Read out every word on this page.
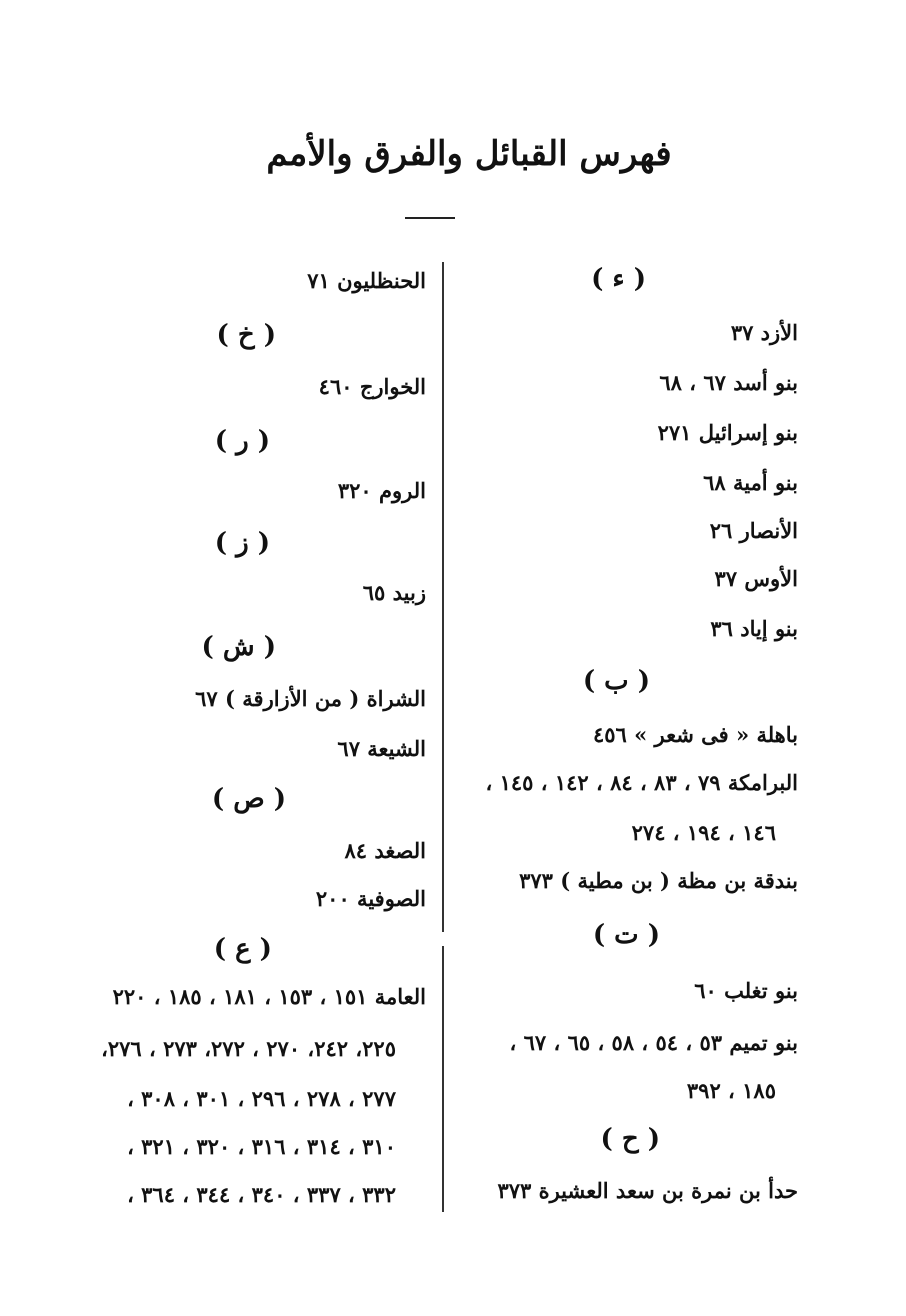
فهرس القبائل والفرق والأمم
( ء )
الأزد ٣٧
بنو أسد ٦٧ ، ٦٨
بنو إسرائيل ٢٧١
بنو أمية ٦٨
الأنصار ٢٦
الأوس ٣٧
بنو إياد ٣٦
( ب )
باهلة « فى شعر » ٤٥٦
البرامكة ٧٩ ، ٨٣ ، ٨٤ ، ١٤٢ ، ١٤٥ ،
١٤٦ ، ١٩٤ ، ٢٧٤
بندقة بن مظة ( بن مطية ) ٣٧٣
( ت )
بنو تغلب ٦٠
بنو تميم ٥٣ ، ٥٤ ، ٥٨ ، ٦٥ ، ٦٧ ،
١٨٥ ، ٣٩٢
( ح )
حدأ بن نمرة بن سعد العشيرة ٣٧٣
الحنظليون ٧١
( خ )
الخوارج ٤٦٠
( ر )
الروم ٣٢٠
( ز )
زبيد ٦٥
( ش )
الشراة ( من الأزارقة ) ٦٧
الشيعة ٦٧
( ص )
الصغد ٨٤
الصوفية ٢٠٠
( ع )
العامة ١٥١ ، ١٥٣ ، ١٨١ ، ١٨٥ ، ٢٢٠
٢٢٥، ٢٤٢، ٢٧٠ ، ٢٧٢، ٢٧٣ ، ٢٧٦،
٢٧٧ ، ٢٧٨ ، ٢٩٦ ، ٣٠١ ، ٣٠٨ ،
٣١٠ ، ٣١٤ ، ٣١٦ ، ٣٢٠ ، ٣٢١ ،
٣٣٢ ، ٣٣٧ ، ٣٤٠ ، ٣٤٤ ، ٣٦٤ ،
